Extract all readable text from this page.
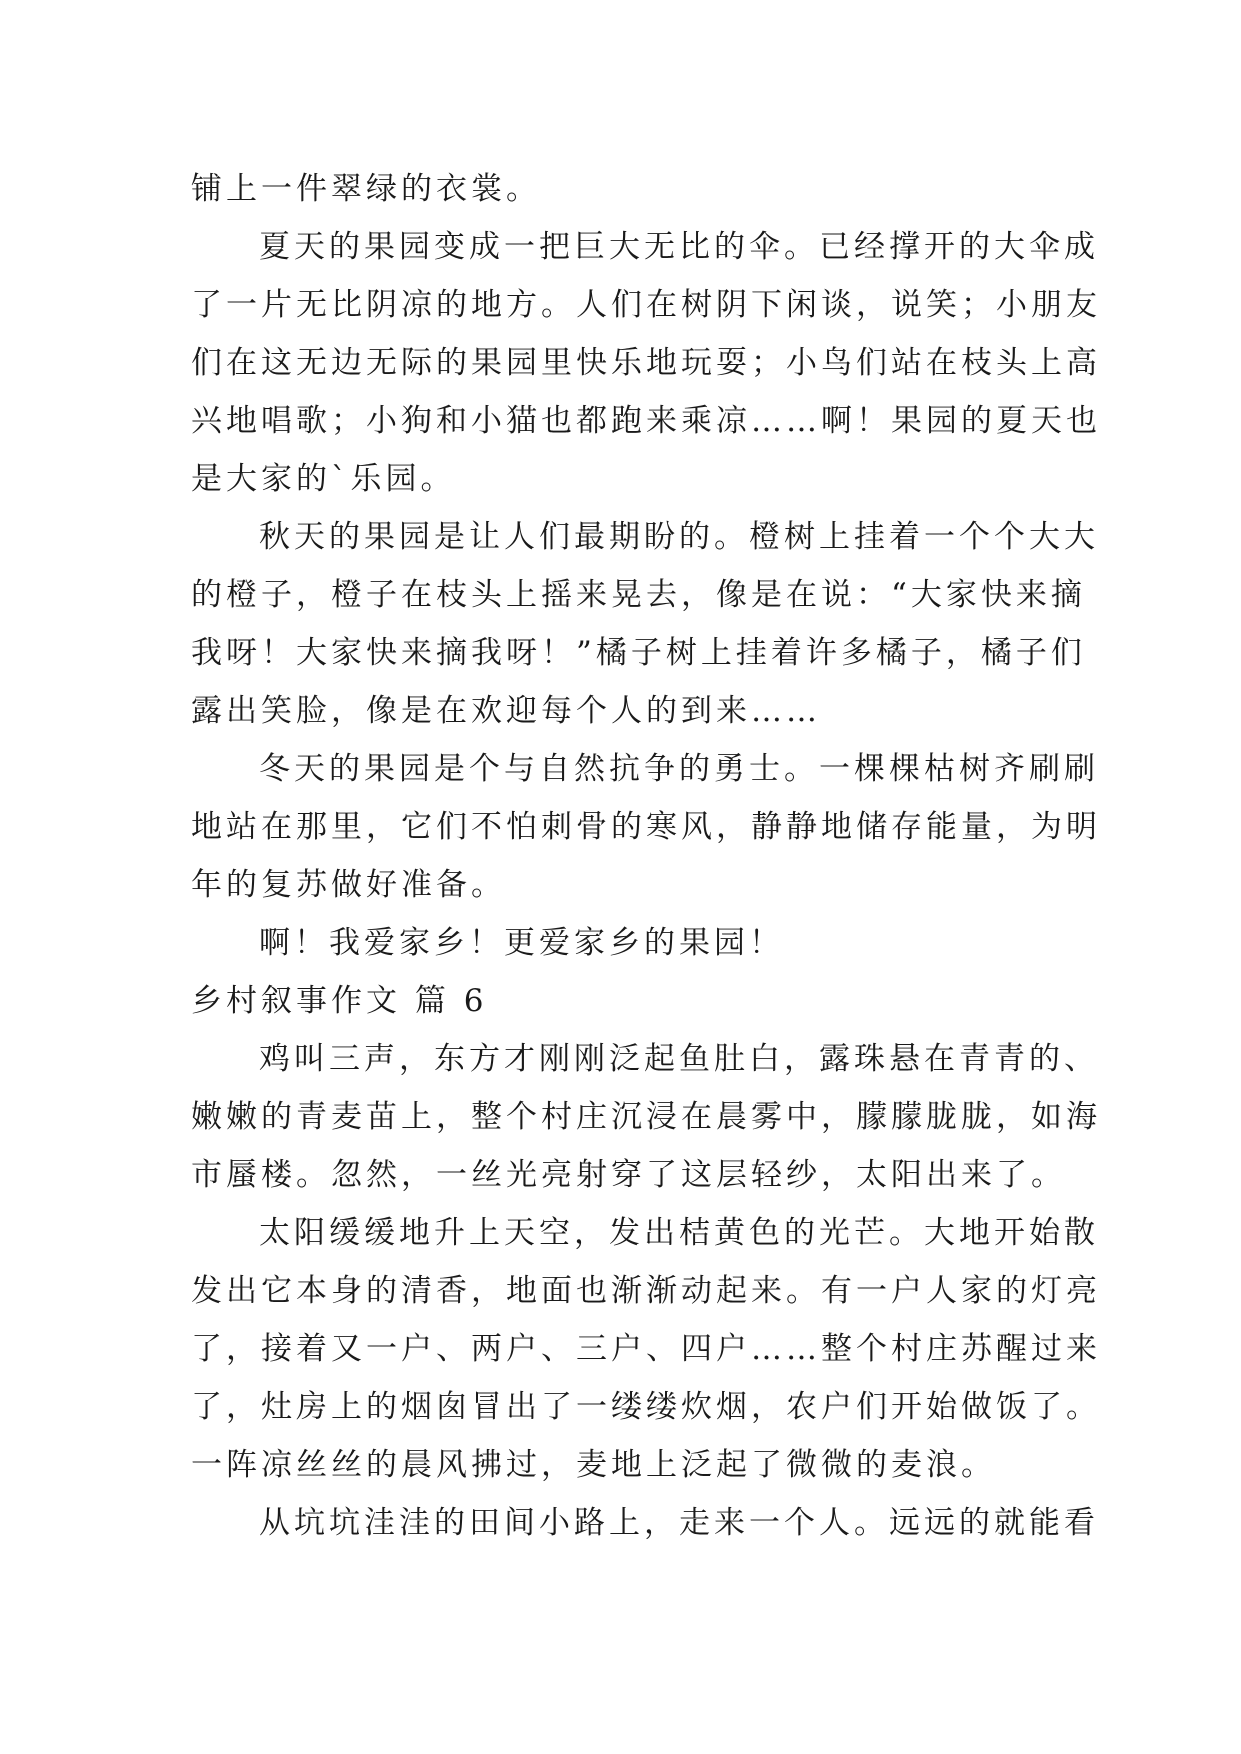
铺上一件翠绿的衣裳。
夏天的果园变成一把巨大无比的伞。已经撑开的大伞成
了一片无比阴凉的地方。人们在树阴下闲谈，说笑；小朋友
们在这无边无际的果园里快乐地玩耍；小鸟们站在枝头上高
兴地唱歌；小狗和小猫也都跑来乘凉……啊！果园的夏天也
是大家的`乐园。
秋天的果园是让人们最期盼的。橙树上挂着一个个大大
的橙子，橙子在枝头上摇来晃去，像是在说：“大家快来摘
我呀！大家快来摘我呀！”橘子树上挂着许多橘子，橘子们
露出笑脸，像是在欢迎每个人的到来……
冬天的果园是个与自然抗争的勇士。一棵棵枯树齐刷刷
地站在那里，它们不怕刺骨的寒风，静静地储存能量，为明
年的复苏做好准备。
啊！我爱家乡！更爱家乡的果园！
乡村叙事作文 篇 6
鸡叫三声，东方才刚刚泛起鱼肚白，露珠悬在青青的、
嫩嫩的青麦苗上，整个村庄沉浸在晨雾中，朦朦胧胧，如海
市蜃楼。忽然，一丝光亮射穿了这层轻纱，太阳出来了。
太阳缓缓地升上天空，发出桔黄色的光芒。大地开始散
发出它本身的清香，地面也渐渐动起来。有一户人家的灯亮
了，接着又一户、两户、三户、四户……整个村庄苏醒过来
了，灶房上的烟囱冒出了一缕缕炊烟，农户们开始做饭了。
一阵凉丝丝的晨风拂过，麦地上泛起了微微的麦浪。
从坑坑洼洼的田间小路上，走来一个人。远远的就能看
